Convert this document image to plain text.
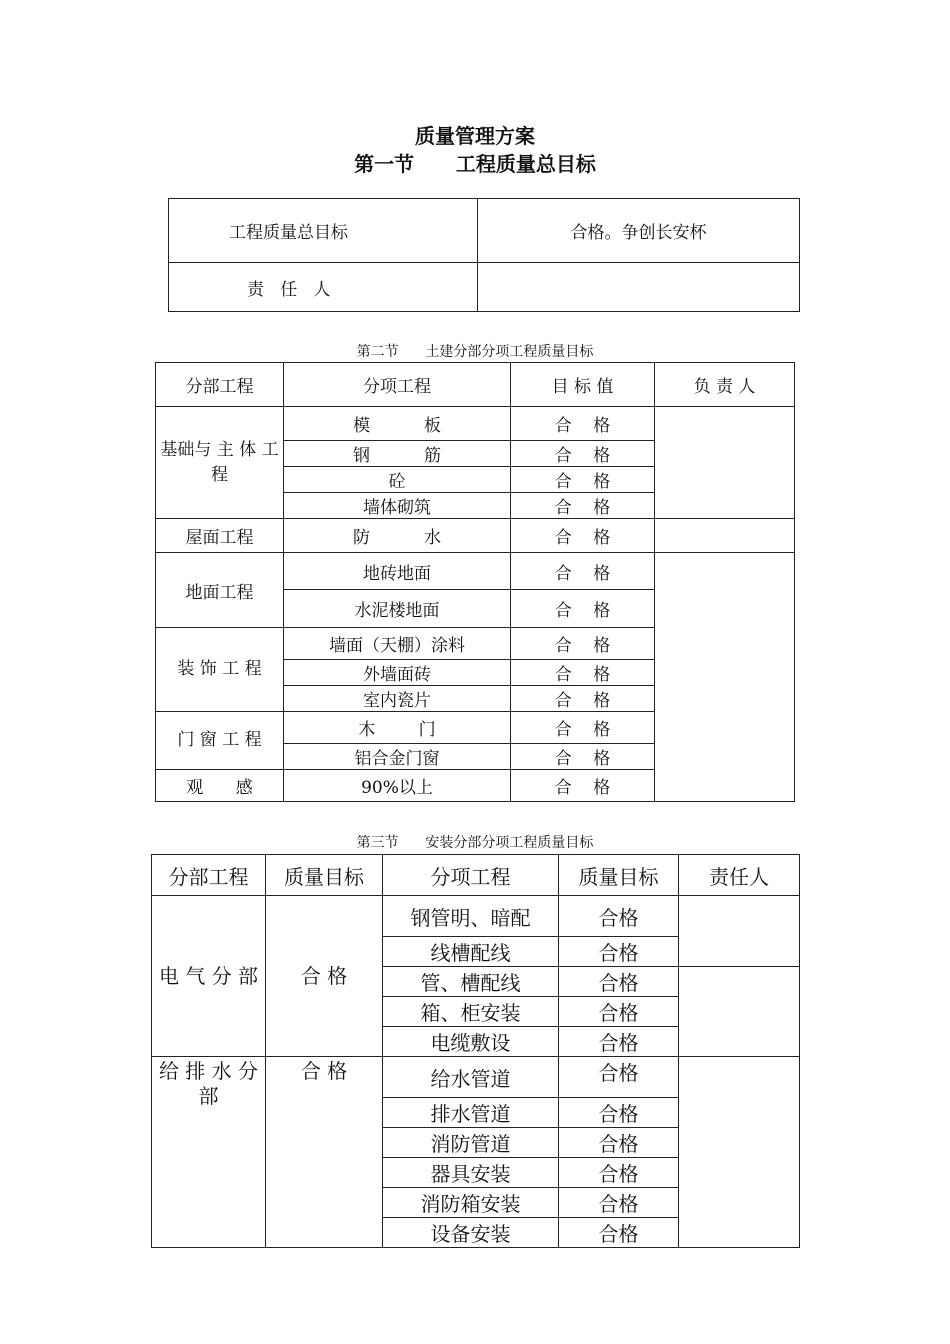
质量管理方案
第一节      工程质量总目标
工程质量总目标	合格。争创长安杯
责   任   人	
第二节      土建分部分项工程质量目标
分部工程	分项工程	目 标 值	负 责 人
基础与 主 体 工 程	模          板	合    格	
	钢          筋	合    格	
	砼	合    格	
	墙体砌筑	合    格	
屋面工程	防          水	合    格	
地面工程	地砖地面	合    格	
	水泥楼地面	合    格	
装 饰 工 程	墙面（天棚）涂料	合    格	
	外墙面砖	合    格	
	室内瓷片	合    格	
门 窗 工 程	木        门	合    格	
	铝合金门窗	合    格	
观      感	90%以上	合    格	
第三节      安装分部分项工程质量目标
分部工程	质量目标	分项工程	质量目标	责任人
电 气 分 部	合 格	钢管明、暗配	合格	
		线槽配线	合格	
		管、槽配线	合格	
		箱、柜安装	合格	
		电缆敷设	合格	
给 排 水 分 部	合 格	给水管道	合格	
		排水管道	合格	
		消防管道	合格	
		器具安装	合格	
		消防箱安装	合格	
		设备安装	合格	
